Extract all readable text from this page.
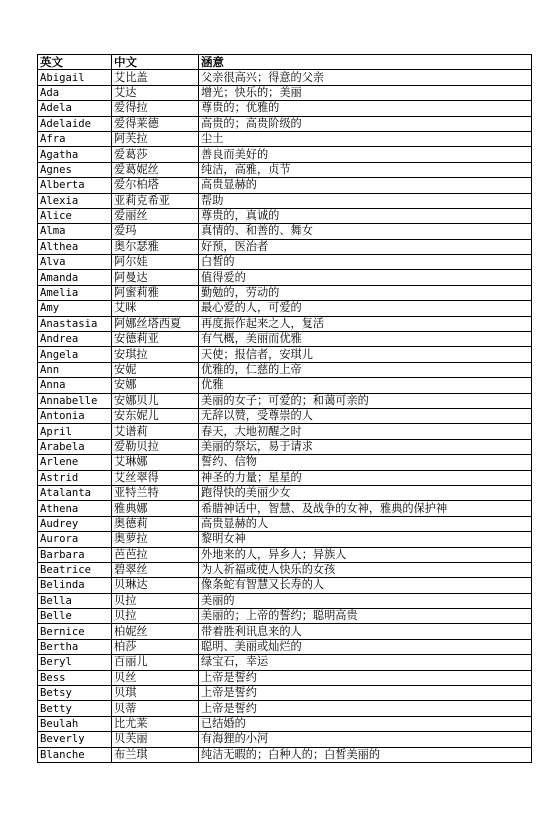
英文	中文	涵意
Abigail	艾比盖	父亲很高兴；得意的父亲
Ada	艾达	增光；快乐的；美丽
Adela	爱得拉	尊贵的；优雅的
Adelaide	爱得莱德	高贵的；高贵阶级的
Afra	阿芙拉	尘土
Agatha	爱葛莎	善良而美好的
Agnes	爱葛妮丝	纯洁，高雅，贞节
Alberta	爱尔柏塔	高贵显赫的
Alexia	亚莉克希亚	帮助
Alice	爱丽丝	尊贵的，真诚的
Alma	爱玛	真情的、和善的、舞女
Althea	奥尔瑟雅	好预，医治者
Alva	阿尔娃	白皙的
Amanda	阿曼达	值得爱的
Amelia	阿蜜莉雅	勤勉的，劳动的
Amy	艾咪	最心爱的人，可爱的
Anastasia	阿娜丝塔西夏	再度振作起来之人，复活
Andrea	安德莉亚	有气概，美丽而优雅
Angela	安琪拉	天使；报信者，安琪儿
Ann	安妮	优雅的，仁慈的上帝
Anna	安娜	优雅
Annabelle	安娜贝儿	美丽的女子；可爱的；和蔼可亲的
Antonia	安东妮儿	无辞以赞，受尊崇的人
April	艾谱莉	春天，大地初醒之时
Arabela	爱勒贝拉	美丽的祭坛，易于请求
Arlene	艾琳娜	誓约、信物
Astrid	艾丝翠得	神圣的力量；星星的
Atalanta	亚特兰特	跑得快的美丽少女
Athena	雅典娜	希腊神话中，智慧、及战争的女神，雅典的保护神
Audrey	奥德莉	高贵显赫的人
Aurora	奥萝拉	黎明女神
Barbara	芭芭拉	外地来的人，异乡人；异族人
Beatrice	碧翠丝	为人祈福或使人快乐的女孩
Belinda	贝琳达	像条蛇有智慧又长寿的人
Bella	贝拉	美丽的
Belle	贝拉	美丽的；上帝的誓约；聪明高贵
Bernice	柏妮丝	带着胜利讯息来的人
Bertha	柏莎	聪明、美丽或灿烂的
Beryl	百丽儿	绿宝石，幸运
Bess	贝丝	上帝是誓约
Betsy	贝琪	上帝是誓约
Betty	贝蒂	上帝是誓约
Beulah	比尤莱	已结婚的
Beverly	贝芙丽	有海狸的小河
Blanche	布兰琪	纯洁无暇的；白种人的；白皙美丽的
